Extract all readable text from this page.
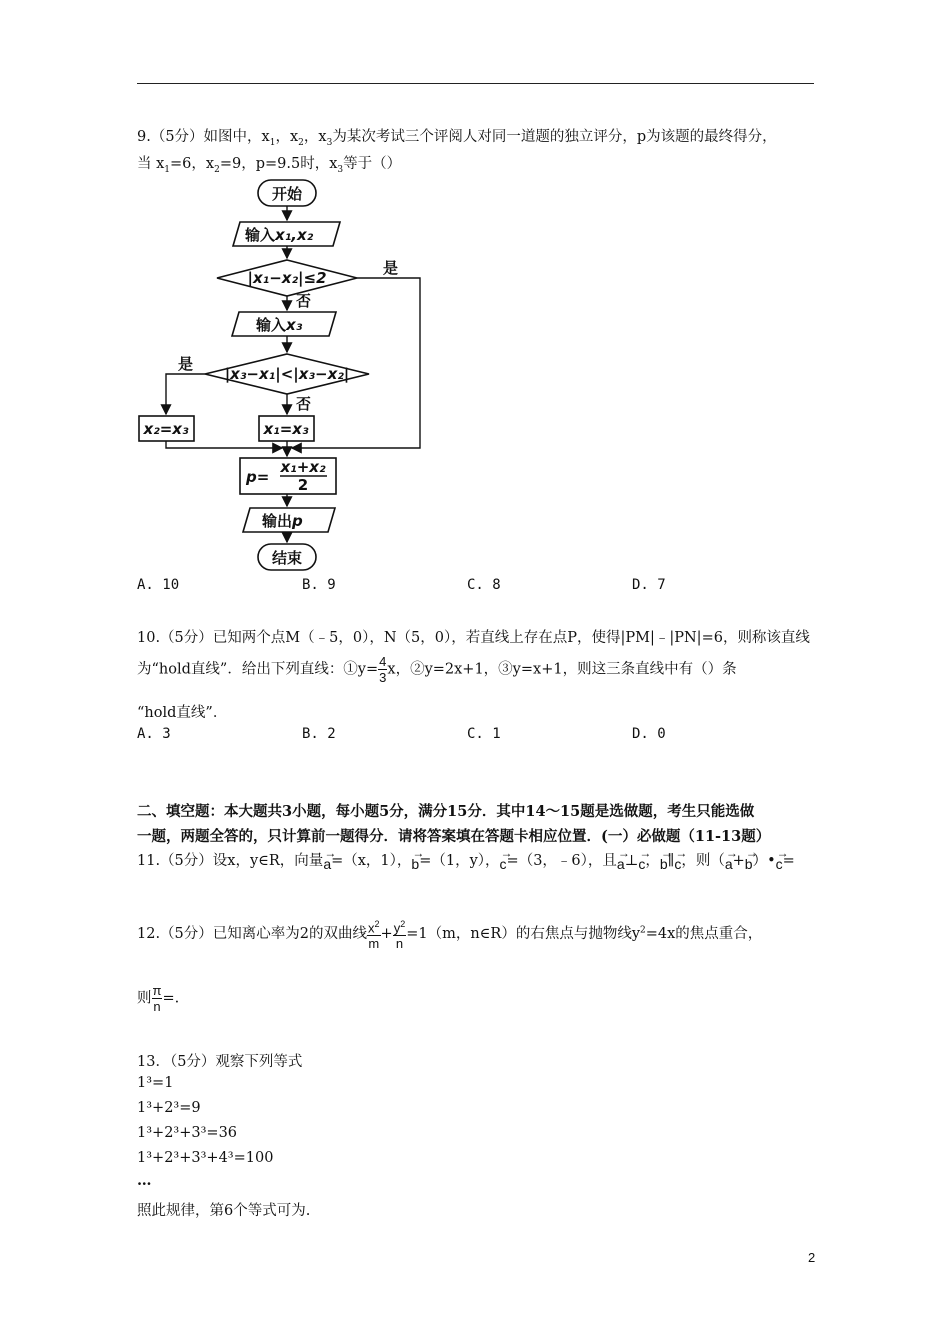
9.（5分）如图中，$x_1$，$x_2$，$x_3$为某次考试三个评阅人对同一道题的独立评分，p为该题的最终得分，
当 $x_1=6$，$x_2=9$，p=9.5时，$x_3$等于（）
开始
输入x₁,x₂
|x₁−x₂|≤2
是
否
输入x₃
|x₃−x₁|<|x₃−x₂|
是
否
x₂=x₃	x₁=x₃
p=
x₁+x₂
2
输出p
结束
A. 10	B. 9	C. 8	D. 7
10.（5分）已知两个点M（﹣5，0），N（5，0），若直线上存在点P，使得|PM|﹣|PN|=6，则称该直线
为“hold直线”．给出下列直线：①y= $\frac{4}{3}$ x，②y=2x+1，③y=x+1，则这三条直线中有（）条
“hold直线”．
A. 3	B. 2	C. 1	D. 0
二、填空题：本大题共3小题，每小题5分，满分15分．其中14～15题是选做题，考生只能选做
一题，两题全答的，只计算前一题得分．请将答案填在答题卡相应位置．(一）必做题（11-13题）
11.（5分）设x，y∈R，向量→ a=（x，1），→ b=（1，y），→ c=（3，﹣6），且→ a⊥→ c，→ b∥→ c，则（→ a+→ b）•→ c=
12.（5分）已知离心率为2的双曲线 $\frac{x^2}{m} + \frac{y^2}{n} =1(m$，n∈R）的右焦点与抛物线$y^2=4x$的焦点重合，
则 $\frac{\pi}{n}$ =.
13．（5分）观察下列等式
1³=1
1³+2³=9
1³+2³+3³=36
1³+2³+3³+4³=100
…
照此规律，第6个等式可为.
2
